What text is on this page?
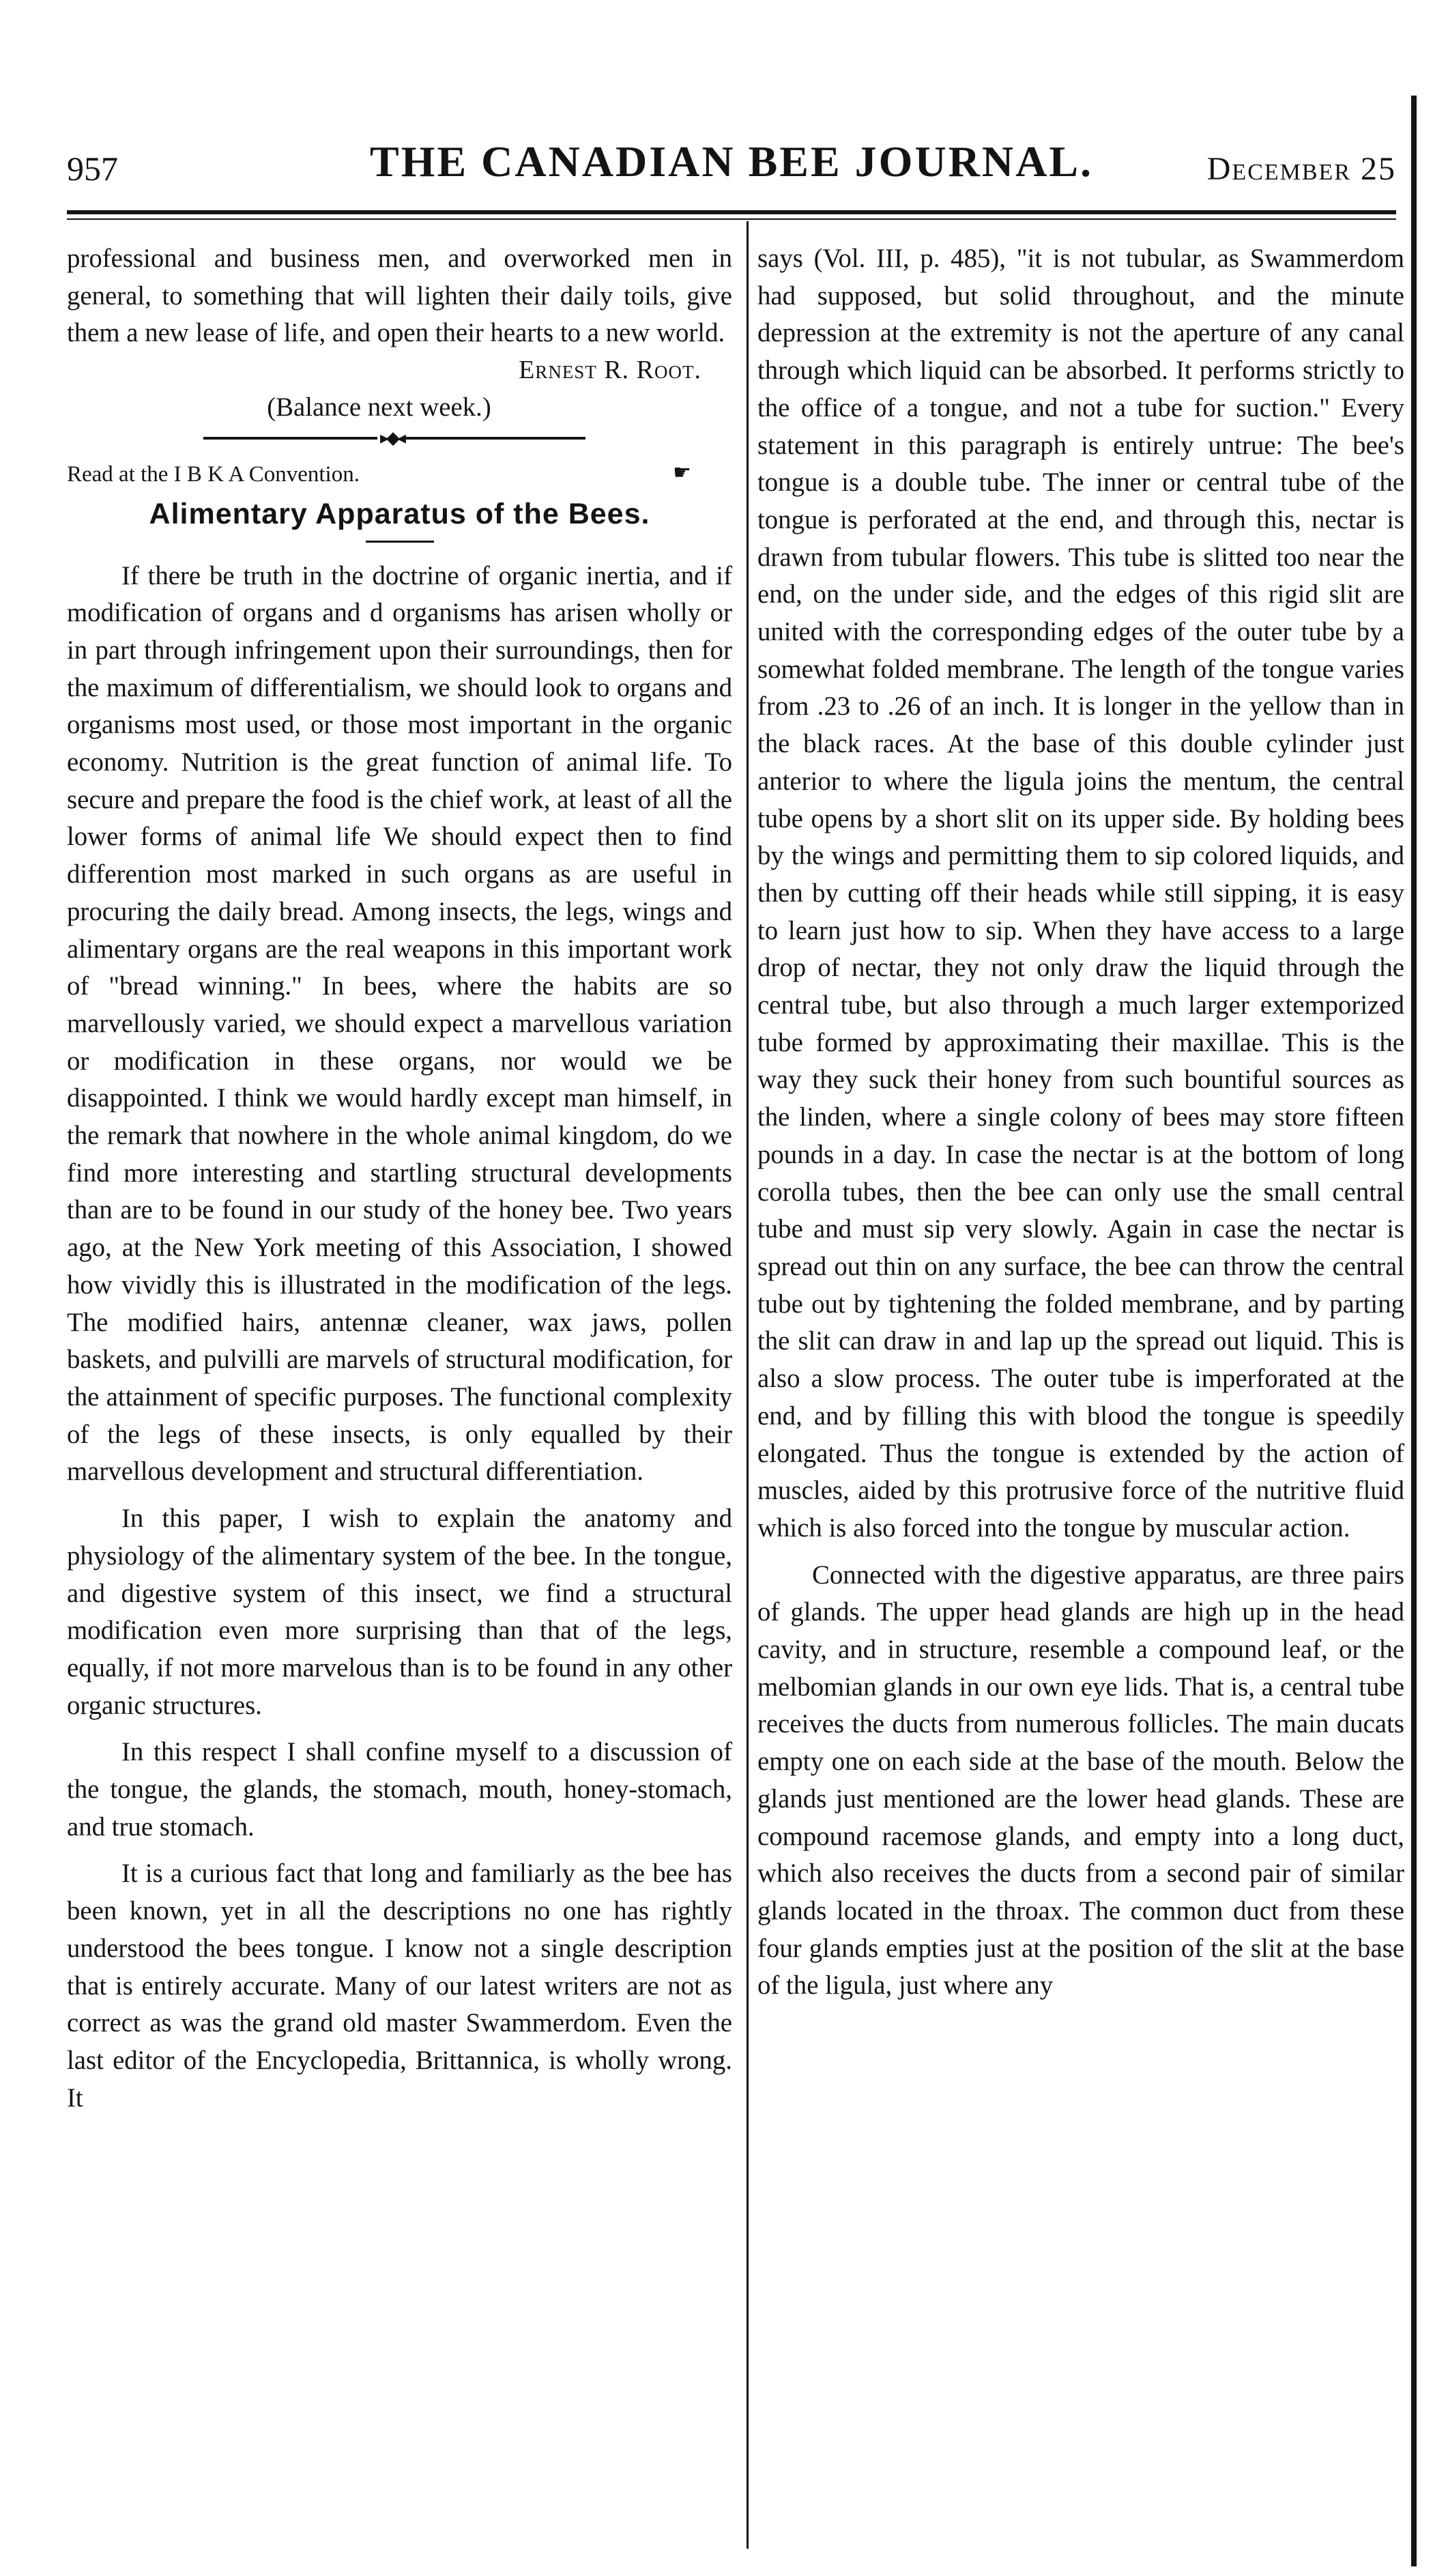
957	THE CANADIAN BEE JOURNAL.	December 25

professional and business men, and overworked men in general, to something that will lighten their daily toils, give them a new lease of life, and open their hearts to a new world.

Ernest R. Root.
(Balance next week.)
▸◆◂
Read at the I B K A Convention.	☛
Alimentary Apparatus of the Bees.

If there be truth in the doctrine of organic inertia, and if modification of organs and d organisms has arisen wholly or in part through infringement upon their surroundings, then for the maximum of differentialism, we should look to organs and organisms most used, or those most important in the organic economy. Nutrition is the great function of animal life. To secure and prepare the food is the chief work, at least of all the lower forms of animal life We should expect then to find differention most marked in such organs as are useful in procuring the daily bread. Among insects, the legs, wings and alimentary organs are the real weapons in this important work of "bread winning." In bees, where the habits are so marvellously varied, we should expect a marvellous variation or modification in these organs, nor would we be disappointed. I think we would hardly except man himself, in the remark that nowhere in the whole animal kingdom, do we find more interesting and startling structural developments than are to be found in our study of the honey bee. Two years ago, at the New York meeting of this Association, I showed how vividly this is illustrated in the modification of the legs. The modified hairs, antennæ cleaner, wax jaws, pollen baskets, and pulvilli are marvels of structural modification, for the attainment of specific purposes. The functional complexity of the legs of these insects, is only equalled by their marvellous development and structural differentiation.

In this paper, I wish to explain the anatomy and physiology of the alimentary system of the bee. In the tongue, and digestive system of this insect, we find a structural modification even more surprising than that of the legs, equally, if not more marvelous than is to be found in any other organic structures.

In this respect I shall confine myself to a discussion of the tongue, the glands, the stomach, mouth, honey-stomach, and true stomach.

It is a curious fact that long and familiarly as the bee has been known, yet in all the descriptions no one has rightly understood the bees tongue. I know not a single description that is entirely accurate. Many of our latest writers are not as correct as was the grand old master Swammerdom. Even the last editor of the Encyclopedia, Brittannica, is wholly wrong. It

says (Vol. III, p. 485), "it is not tubular, as Swammerdom had supposed, but solid throughout, and the minute depression at the extremity is not the aperture of any canal through which liquid can be absorbed. It performs strictly to the office of a tongue, and not a tube for suction." Every statement in this paragraph is entirely untrue: The bee's tongue is a double tube. The inner or central tube of the tongue is perforated at the end, and through this, nectar is drawn from tubular flowers. This tube is slitted too near the end, on the under side, and the edges of this rigid slit are united with the corresponding edges of the outer tube by a somewhat folded membrane. The length of the tongue varies from .23 to .26 of an inch. It is longer in the yellow than in the black races. At the base of this double cylinder just anterior to where the ligula joins the mentum, the central tube opens by a short slit on its upper side. By holding bees by the wings and permitting them to sip colored liquids, and then by cutting off their heads while still sipping, it is easy to learn just how to sip. When they have access to a large drop of nectar, they not only draw the liquid through the central tube, but also through a much larger extemporized tube formed by approximating their maxillae. This is the way they suck their honey from such bountiful sources as the linden, where a single colony of bees may store fifteen pounds in a day. In case the nectar is at the bottom of long corolla tubes, then the bee can only use the small central tube and must sip very slowly. Again in case the nectar is spread out thin on any surface, the bee can throw the central tube out by tightening the folded membrane, and by parting the slit can draw in and lap up the spread out liquid. This is also a slow process. The outer tube is imperforated at the end, and by filling this with blood the tongue is speedily elongated. Thus the tongue is extended by the action of muscles, aided by this protrusive force of the nutritive fluid which is also forced into the tongue by muscular action.

Connected with the digestive apparatus, are three pairs of glands. The upper head glands are high up in the head cavity, and in structure, resemble a compound leaf, or the melbomian glands in our own eye lids. That is, a central tube receives the ducts from numerous follicles. The main ducats empty one on each side at the base of the mouth. Below the glands just mentioned are the lower head glands. These are compound racemose glands, and empty into a long duct, which also receives the ducts from a second pair of similar glands located in the throax. The common duct from these four glands empties just at the position of the slit at the base of the ligula, just where any
